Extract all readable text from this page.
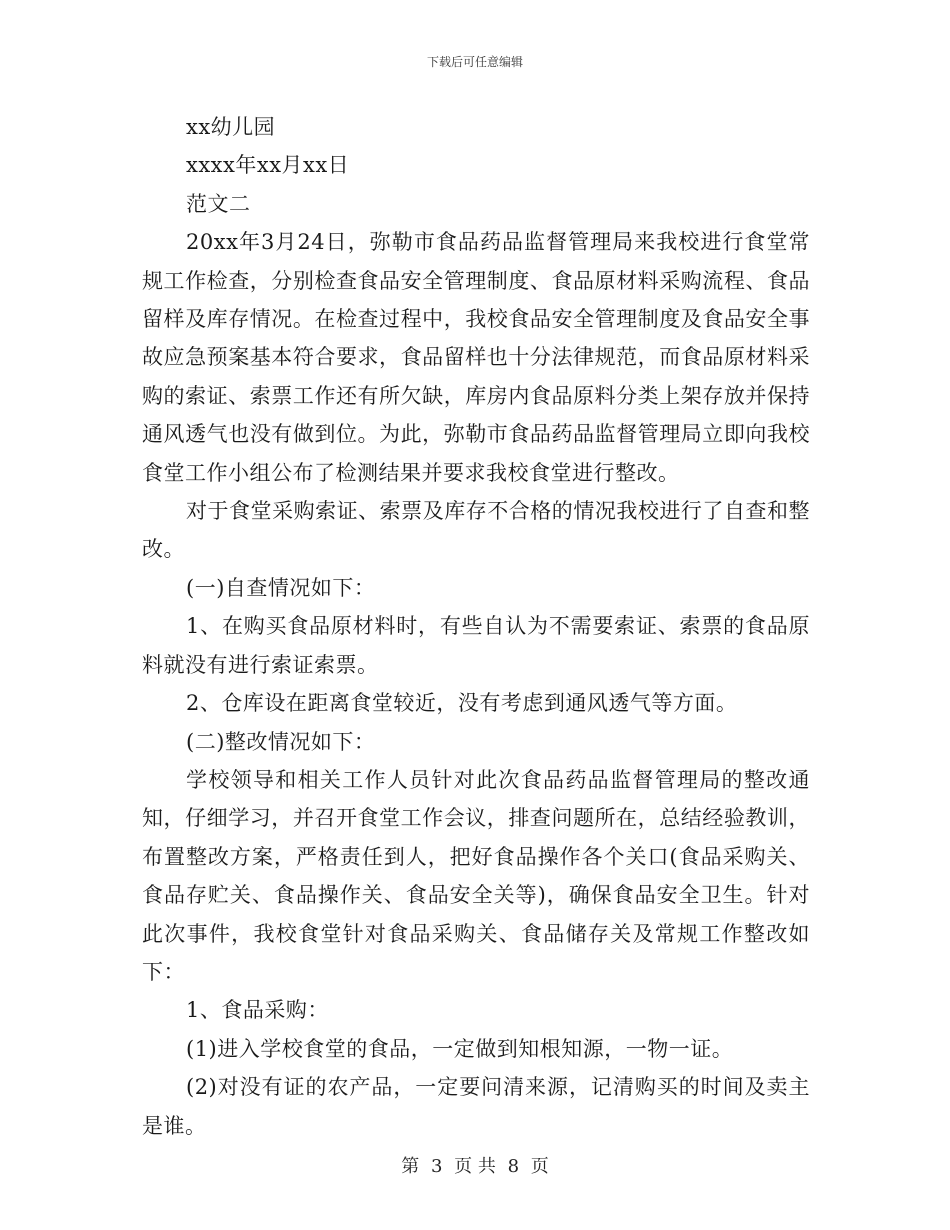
下载后可任意编辑

xx幼儿园

xxxx年xx月xx日

范文二

20xx年3月24日，弥勒市食品药品监督管理局来我校进行食堂常规工作检查，分别检查食品安全管理制度、食品原材料采购流程、食品留样及库存情况。在检查过程中，我校食品安全管理制度及食品安全事故应急预案基本符合要求，食品留样也十分法律规范，而食品原材料采购的索证、索票工作还有所欠缺，库房内食品原料分类上架存放并保持通风透气也没有做到位。为此，弥勒市食品药品监督管理局立即向我校食堂工作小组公布了检测结果并要求我校食堂进行整改。

对于食堂采购索证、索票及库存不合格的情况我校进行了自查和整改。

(一)自查情况如下：

1、在购买食品原材料时，有些自认为不需要索证、索票的食品原料就没有进行索证索票。

2、仓库设在距离食堂较近，没有考虑到通风透气等方面。

(二)整改情况如下：

学校领导和相关工作人员针对此次食品药品监督管理局的整改通知，仔细学习，并召开食堂工作会议，排查问题所在，总结经验教训，布置整改方案，严格责任到人，把好食品操作各个关口(食品采购关、食品存贮关、食品操作关、食品安全关等)，确保食品安全卫生。针对此次事件，我校食堂针对食品采购关、食品储存关及常规工作整改如下：

1、食品采购：

(1)进入学校食堂的食品，一定做到知根知源，一物一证。

(2)对没有证的农产品，一定要问清来源，记清购买的时间及卖主是谁。

第 3 页 共 8 页
